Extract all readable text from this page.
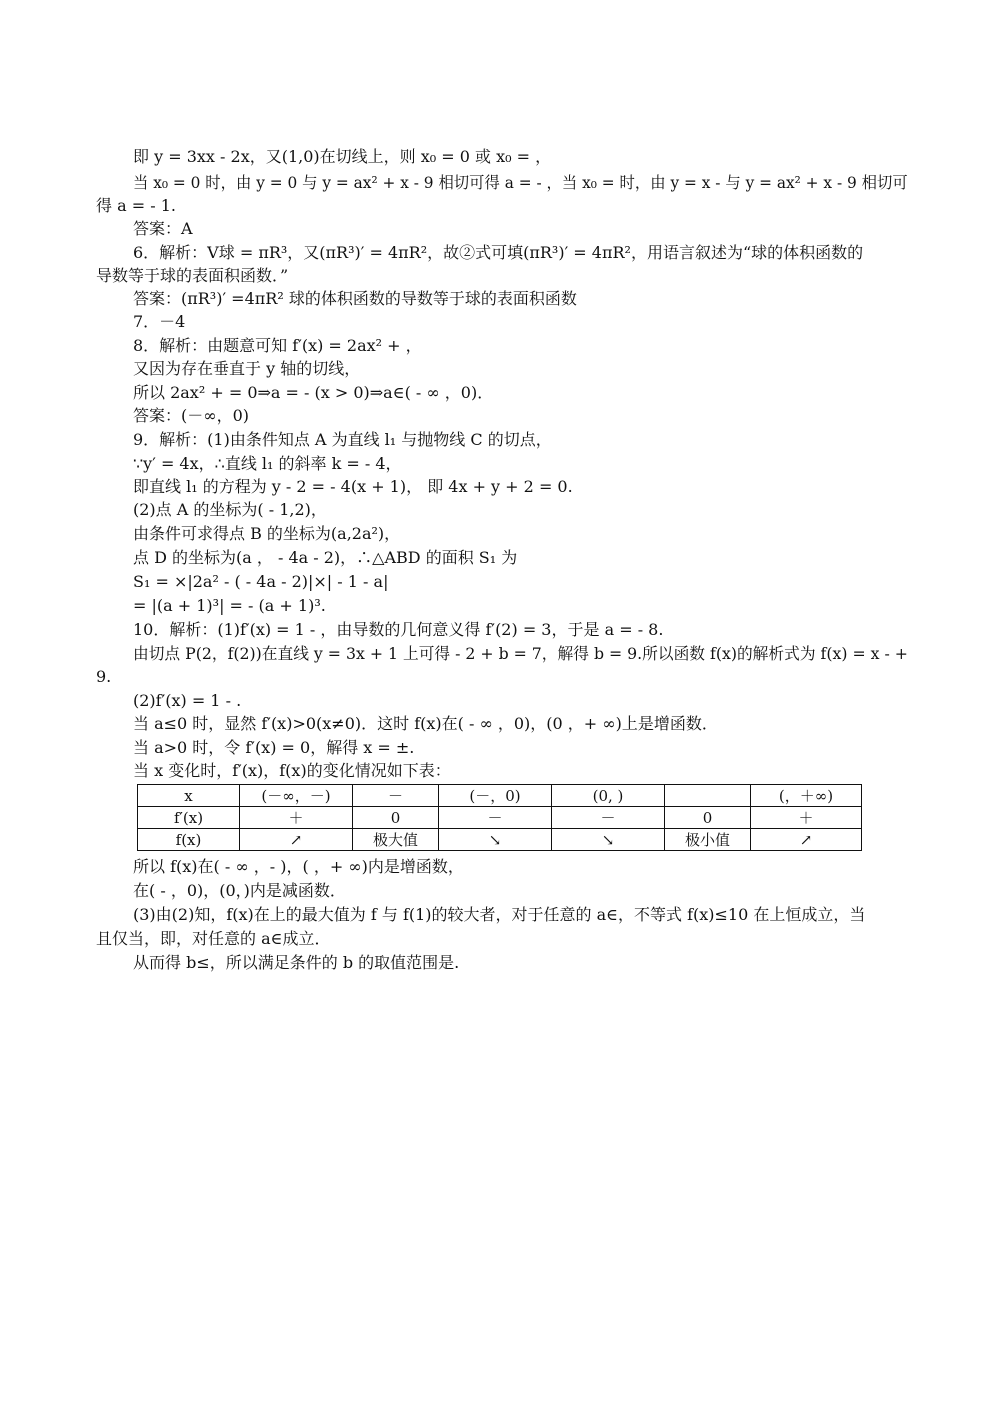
即 y = 3xx - 2x，又(1,0)在切线上，则 x₀ = 0 或 x₀ = ，
当 x₀ = 0 时，由 y = 0 与 y = ax² + x - 9 相切可得 a = - ，当 x₀ = 时，由 y = x - 与 y = ax² + x - 9 相切可
得 a = - 1.
答案：A
6．解析：V球 = πR³，又(πR³)′ = 4πR²，故②式可填(πR³)′ = 4πR²，用语言叙述为“球的体积函数的
导数等于球的表面积函数．”
答案：(πR³)′ =4πR² 球的体积函数的导数等于球的表面积函数
7．－4
8．解析：由题意可知 f′(x) = 2ax² + ，
又因为存在垂直于 y 轴的切线，
所以 2ax² + = 0⇒a = - (x > 0)⇒a∈( - ∞ ，0)．
答案：(－∞，0)
9．解析：(1)由条件知点 A 为直线 l₁ 与抛物线 C 的切点，
∵y′ = 4x，∴直线 l₁ 的斜率 k = - 4，
即直线 l₁ 的方程为 y - 2 = - 4(x + 1)， 即 4x + y + 2 = 0.
(2)点 A 的坐标为( - 1,2)，
由条件可求得点 B 的坐标为(a,2a²)，
点 D 的坐标为(a ， - 4a - 2)，∴△ABD 的面积 S₁ 为
S₁ = ×|2a² - ( - 4a - 2)|×| - 1 - a|
= |(a + 1)³| = - (a + 1)³.
10．解析：(1)f′(x) = 1 - ，由导数的几何意义得 f′(2) = 3，于是 a = - 8.
由切点 P(2，f(2))在直线 y = 3x + 1 上可得 - 2 + b = 7，解得 b = 9.所以函数 f(x)的解析式为 f(x) = x - +
9.
(2)f′(x) = 1 - .
当 a≤0 时，显然 f′(x)>0(x≠0)．这时 f(x)在( - ∞ ，0)，(0 ，+ ∞)上是增函数．
当 a>0 时，令 f′(x) = 0，解得 x = ±.
当 x 变化时，f′(x)，f(x)的变化情况如下表：
x	(－∞，－)	－	(－，0)	(0, )		(，＋∞)
f′(x)	＋	0	－	－	0	＋
f(x)	↗	极大值	↘	↘	极小值	↗
所以 f(x)在( - ∞ ，- )，( ，+ ∞)内是增函数，
在( - ，0)，(0，)内是减函数．
(3)由(2)知，f(x)在上的最大值为 f 与 f(1)的较大者，对于任意的 a∈，不等式 f(x)≤10 在上恒成立，当
且仅当，即，对任意的 a∈成立．
从而得 b≤，所以满足条件的 b 的取值范围是.
